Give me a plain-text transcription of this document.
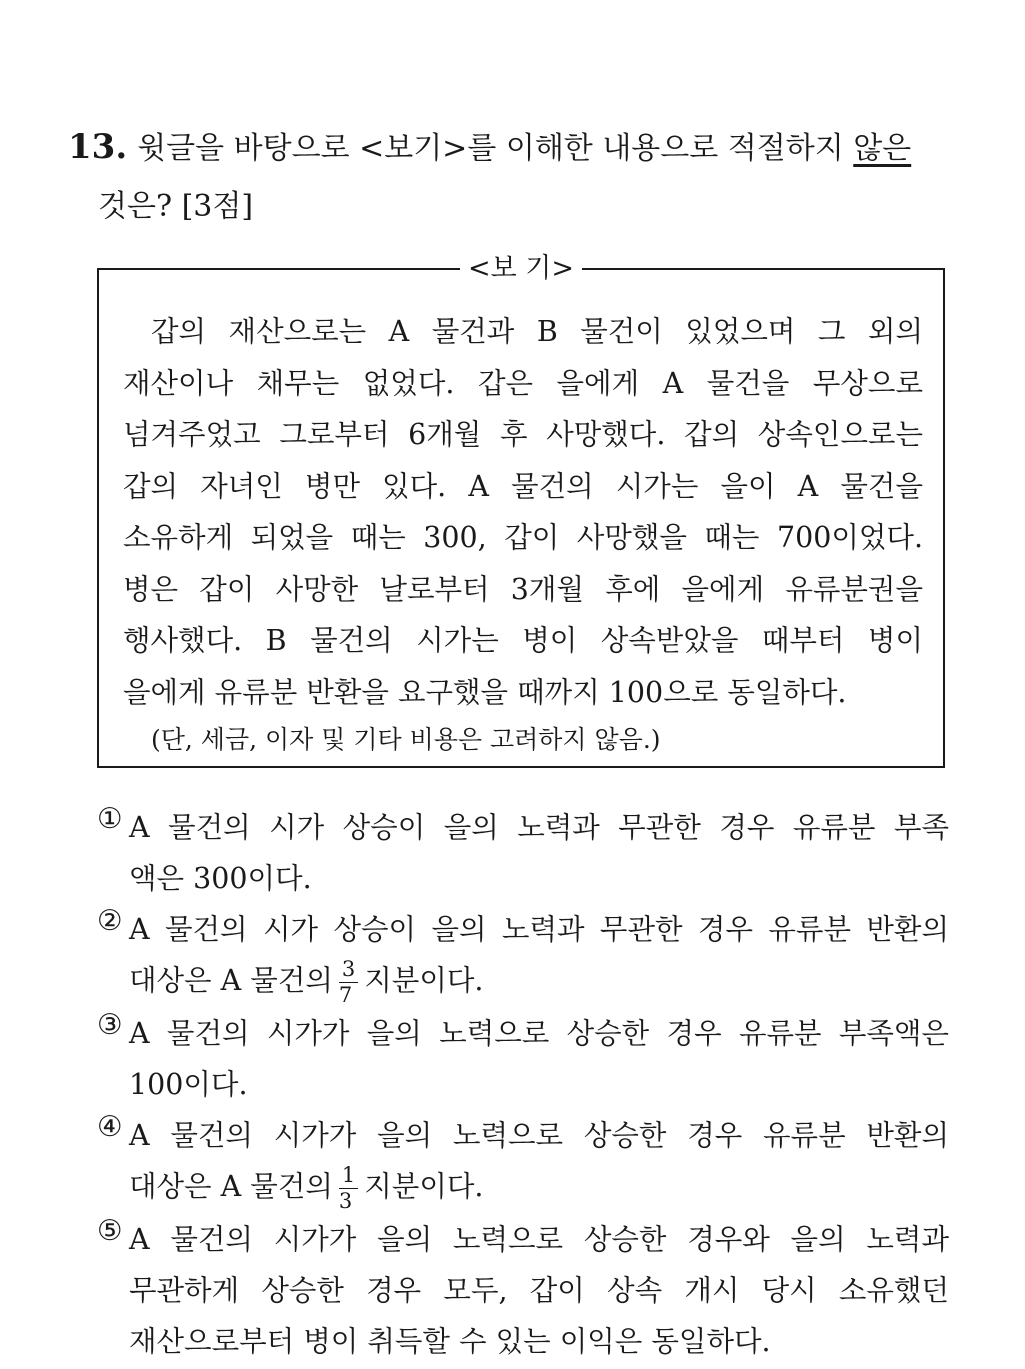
13. 윗글을 바탕으로 <보기>를 이해한 내용으로 적절하지 않은
것은? [3점]
<보 기>
갑의 재산으로는 A 물건과 B 물건이 있었으며 그 외의
재산이나 채무는 없었다. 갑은 을에게 A 물건을 무상으로
넘겨주었고 그로부터 6개월 후 사망했다. 갑의 상속인으로는
갑의 자녀인 병만 있다. A 물건의 시가는 을이 A 물건을
소유하게 되었을 때는 300, 갑이 사망했을 때는 700이었다.
병은 갑이 사망한 날로부터 3개월 후에 을에게 유류분권을
행사했다. B 물건의 시가는 병이 상속받았을 때부터 병이
을에게 유류분 반환을 요구했을 때까지 100으로 동일하다.
(단, 세금, 이자 및 기타 비용은 고려하지 않음.)
① A 물건의 시가 상승이 을의 노력과 무관한 경우 유류분 부족
액은 300이다.
② A 물건의 시가 상승이 을의 노력과 무관한 경우 유류분 반환의
대상은 A 물건의 $\frac{3}{7}$ 지분이다.
③ A 물건의 시가가 을의 노력으로 상승한 경우 유류분 부족액은
100이다.
④ A 물건의 시가가 을의 노력으로 상승한 경우 유류분 반환의
대상은 A 물건의 $\frac{1}{3}$ 지분이다.
⑤ A 물건의 시가가 을의 노력으로 상승한 경우와 을의 노력과
무관하게 상승한 경우 모두, 갑이 상속 개시 당시 소유했던
재산으로부터 병이 취득할 수 있는 이익은 동일하다.
